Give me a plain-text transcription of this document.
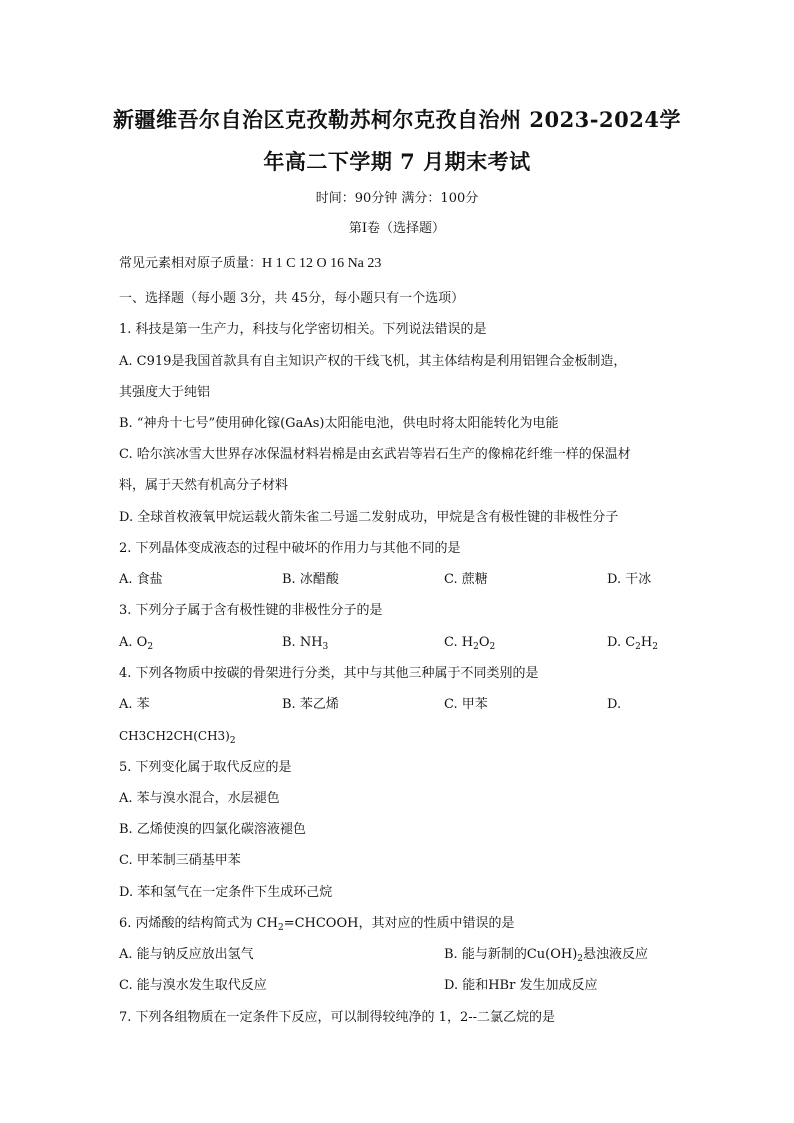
新疆维吾尔自治区克孜勒苏柯尔克孜自治州 2023-2024学
年高二下学期 7 月期末考试
时间：90分钟 满分：100分
第Ⅰ卷（选择题）
常见元素相对原子质量：H 1 C 12 O 16 Na 23
一、选择题（每小题 3分，共 45分，每小题只有一个选项）
1. 科技是第一生产力，科技与化学密切相关。下列说法错误的是
A. C919是我国首款具有自主知识产权的干线飞机，其主体结构是利用铝锂合金板制造，
其强度大于纯铝
B. “神舟十七号”使用砷化镓(GaAs)太阳能电池，供电时将太阳能转化为电能
C. 哈尔滨冰雪大世界存冰保温材料岩棉是由玄武岩等岩石生产的像棉花纤维一样的保温材
料，属于天然有机高分子材料
D. 全球首枚液氧甲烷运载火箭朱雀二号遥二发射成功，甲烷是含有极性键的非极性分子
2. 下列晶体变成液态的过程中破坏的作用力与其他不同的是
A. 食盐	B. 冰醋酸	C. 蔗糖	D. 干冰
3. 下列分子属于含有极性键的非极性分子的是
A. $O_2$	B. $NH_3$	C. $H_2O_2$	D. $C_2H_2$
4. 下列各物质中按碳的骨架进行分类，其中与其他三种属于不同类别的是
A. 苯	B. 苯乙烯	C. 甲苯	D.
$CH3CH2CH(CH3)_2$
5. 下列变化属于取代反应的是
A. 苯与溴水混合，水层褪色
B. 乙烯使溴的四氯化碳溶液褪色
C. 甲苯制三硝基甲苯
D. 苯和氢气在一定条件下生成环己烷
6. 丙烯酸的结构简式为 $CH_2=CHCOOH$，其对应的性质中错误的是
A. 能与钠反应放出氢气	B. 能与新制的$Cu(OH)_2$悬浊液反应
C. 能与溴水发生取代反应	D. 能和HBr 发生加成反应
7. 下列各组物质在一定条件下反应，可以制得较纯净的 1，2--二氯乙烷的是
